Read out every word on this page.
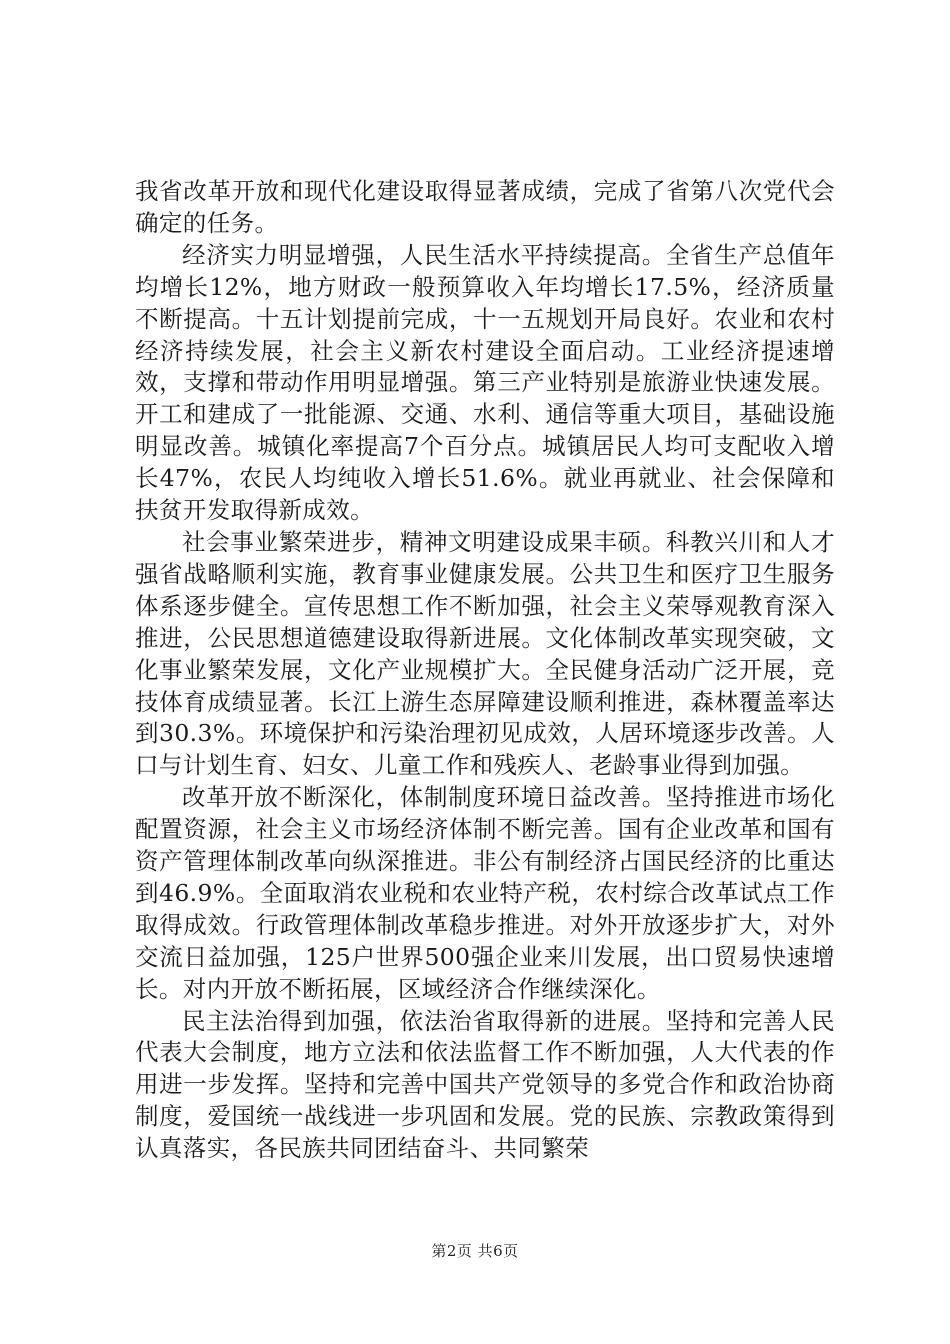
我省改革开放和现代化建设取得显著成绩，完成了省第八次党代会确定的任务。

经济实力明显增强，人民生活水平持续提高。全省生产总值年均增长12%，地方财政一般预算收入年均增长17.5%，经济质量不断提高。十五计划提前完成，十一五规划开局良好。农业和农村经济持续发展，社会主义新农村建设全面启动。工业经济提速增效，支撑和带动作用明显增强。第三产业特别是旅游业快速发展。开工和建成了一批能源、交通、水利、通信等重大项目，基础设施明显改善。城镇化率提高7个百分点。城镇居民人均可支配收入增长47%，农民人均纯收入增长51.6%。就业再就业、社会保障和扶贫开发取得新成效。

社会事业繁荣进步，精神文明建设成果丰硕。科教兴川和人才强省战略顺利实施，教育事业健康发展。公共卫生和医疗卫生服务体系逐步健全。宣传思想工作不断加强，社会主义荣辱观教育深入推进，公民思想道德建设取得新进展。文化体制改革实现突破，文化事业繁荣发展，文化产业规模扩大。全民健身活动广泛开展，竞技体育成绩显著。长江上游生态屏障建设顺利推进，森林覆盖率达到30.3%。环境保护和污染治理初见成效，人居环境逐步改善。人口与计划生育、妇女、儿童工作和残疾人、老龄事业得到加强。

改革开放不断深化，体制制度环境日益改善。坚持推进市场化配置资源，社会主义市场经济体制不断完善。国有企业改革和国有资产管理体制改革向纵深推进。非公有制经济占国民经济的比重达到46.9%。全面取消农业税和农业特产税，农村综合改革试点工作取得成效。行政管理体制改革稳步推进。对外开放逐步扩大，对外交流日益加强，125户世界500强企业来川发展，出口贸易快速增长。对内开放不断拓展，区域经济合作继续深化。

民主法治得到加强，依法治省取得新的进展。坚持和完善人民代表大会制度，地方立法和依法监督工作不断加强，人大代表的作用进一步发挥。坚持和完善中国共产党领导的多党合作和政治协商制度，爱国统一战线进一步巩固和发展。党的民族、宗教政策得到认真落实，各民族共同团结奋斗、共同繁荣

第2页 共6页
